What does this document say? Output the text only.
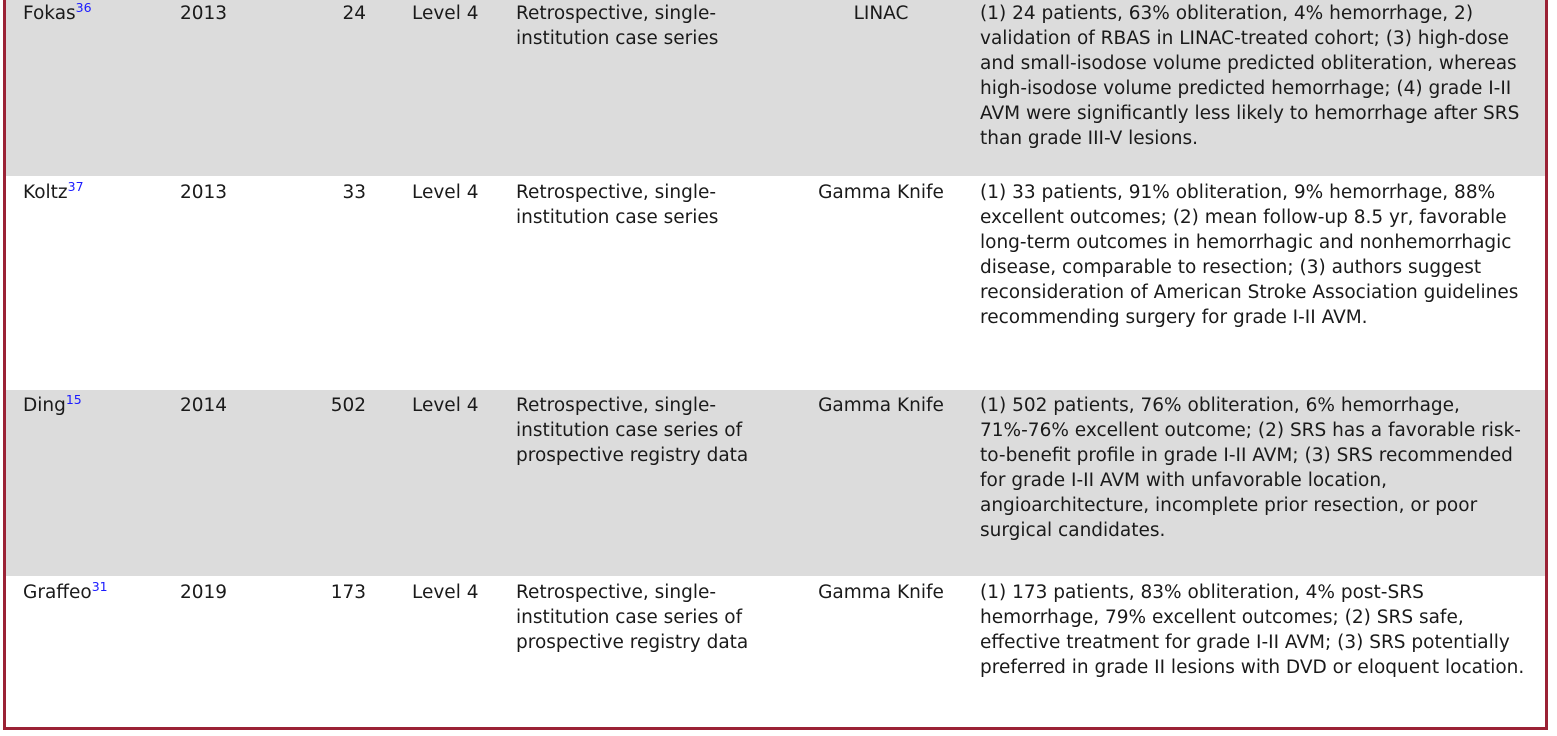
Fokas$^{36}$	2013	24	Level 4	Retrospective, single-institution case series	LINAC	(1) 24 patients, 63% obliteration, 4% hemorrhage, 2) validation of RBAS in LINAC-treated cohort; (3) high-dose and small-isodose volume predicted obliteration, whereas high-isodose volume predicted hemorrhage; (4) grade I-II AVM were significantly less likely to hemorrhage after SRS than grade III-V lesions.
Koltz$^{37}$	2013	33	Level 4	Retrospective, single-institution case series	Gamma Knife	(1) 33 patients, 91% obliteration, 9% hemorrhage, 88% excellent outcomes; (2) mean follow-up 8.5 yr, favorable long-term outcomes in hemorrhagic and nonhemorrhagic disease, comparable to resection; (3) authors suggest reconsideration of American Stroke Association guidelines recommending surgery for grade I-II AVM.
Ding$^{15}$	2014	502	Level 4	Retrospective, single-institution case series of prospective registry data	Gamma Knife	(1) 502 patients, 76% obliteration, 6% hemorrhage, 71%-76% excellent outcome; (2) SRS has a favorable risk-to-benefit profile in grade I-II AVM; (3) SRS recommended for grade I-II AVM with unfavorable location, angioarchitecture, incomplete prior resection, or poor surgical candidates.
Graffeo$^{31}$	2019	173	Level 4	Retrospective, single-institution case series of prospective registry data	Gamma Knife	(1) 173 patients, 83% obliteration, 4% post-SRS hemorrhage, 79% excellent outcomes; (2) SRS safe, effective treatment for grade I-II AVM; (3) SRS potentially preferred in grade II lesions with DVD or eloquent location.
